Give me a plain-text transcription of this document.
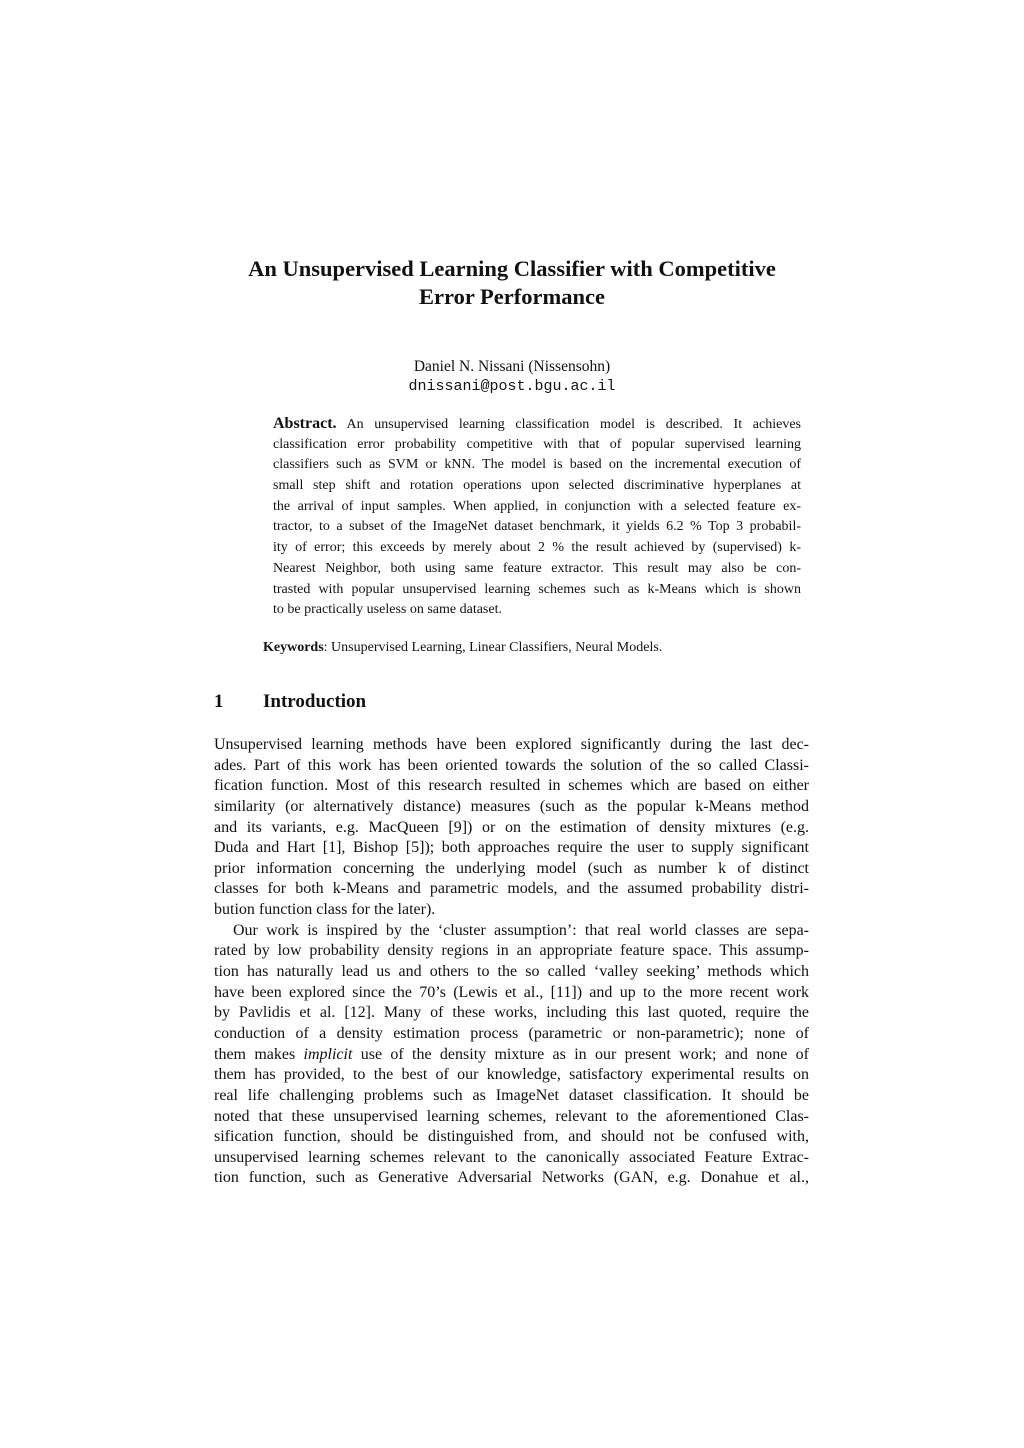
An Unsupervised Learning Classifier with Competitive
Error Performance
Daniel N. Nissani (Nissensohn)
dnissani@post.bgu.ac.il
Abstract. An unsupervised learning classification model is described. It achieves
classification error probability competitive with that of popular supervised learning
classifiers such as SVM or kNN. The model is based on the incremental execution of
small step shift and rotation operations upon selected discriminative hyperplanes at
the arrival of input samples. When applied, in conjunction with a selected feature ex-
tractor, to a subset of the ImageNet dataset benchmark, it yields 6.2 % Top 3 probabil-
ity of error; this exceeds by merely about 2 % the result achieved by (supervised) k-
Nearest Neighbor, both using same feature extractor. This result may also be con-
trasted with popular unsupervised learning schemes such as k-Means which is shown
to be practically useless on same dataset.
Keywords: Unsupervised Learning, Linear Classifiers, Neural Models.
1 Introduction
Unsupervised learning methods have been explored significantly during the last dec-
ades. Part of this work has been oriented towards the solution of the so called Classi-
fication function. Most of this research resulted in schemes which are based on either
similarity (or alternatively distance) measures (such as the popular k-Means method
and its variants, e.g. MacQueen [9]) or on the estimation of density mixtures (e.g.
Duda and Hart [1], Bishop [5]); both approaches require the user to supply significant
prior information concerning the underlying model (such as number k of distinct
classes for both k-Means and parametric models, and the assumed probability distri-
bution function class for the later).
Our work is inspired by the ‘cluster assumption’: that real world classes are sepa-
rated by low probability density regions in an appropriate feature space. This assump-
tion has naturally lead us and others to the so called ‘valley seeking’ methods which
have been explored since the 70’s (Lewis et al., [11]) and up to the more recent work
by Pavlidis et al. [12]. Many of these works, including this last quoted, require the
conduction of a density estimation process (parametric or non-parametric); none of
them makes implicit use of the density mixture as in our present work; and none of
them has provided, to the best of our knowledge, satisfactory experimental results on
real life challenging problems such as ImageNet dataset classification. It should be
noted that these unsupervised learning schemes, relevant to the aforementioned Clas-
sification function, should be distinguished from, and should not be confused with,
unsupervised learning schemes relevant to the canonically associated Feature Extrac-
tion function, such as Generative Adversarial Networks (GAN, e.g. Donahue et al.,
